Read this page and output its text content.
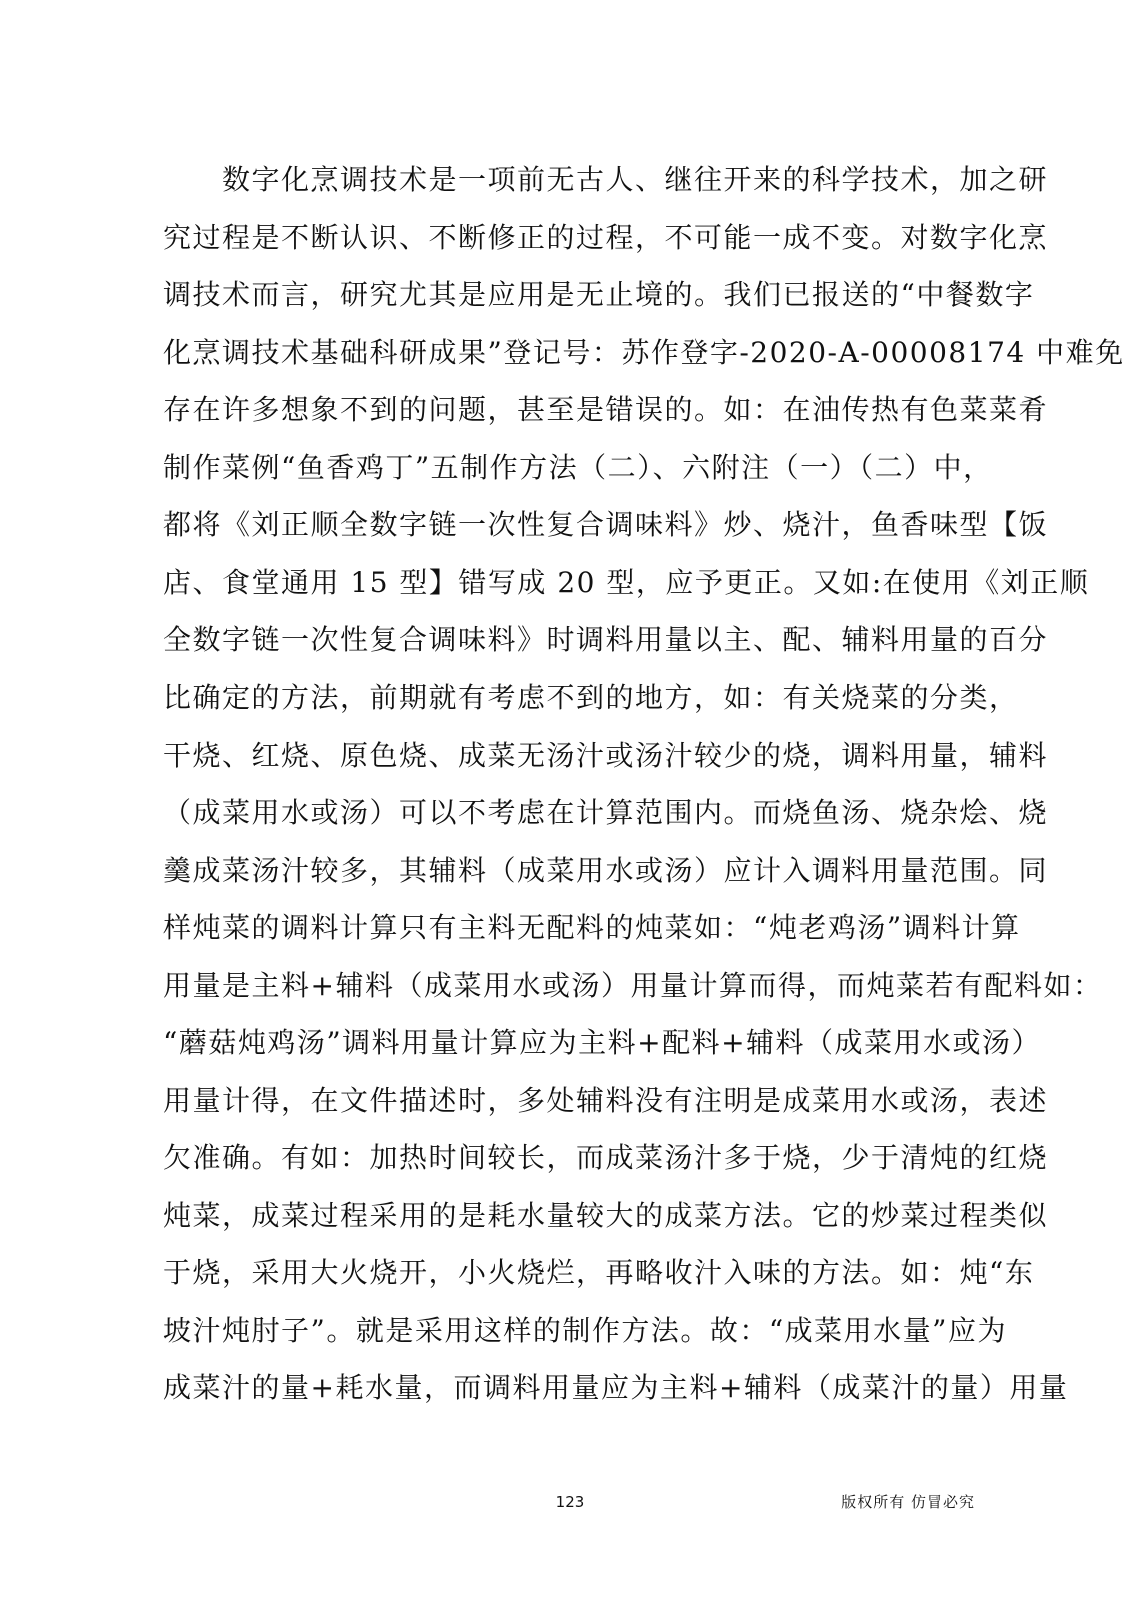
　　数字化烹调技术是一项前无古人、继往开来的科学技术，加之研
究过程是不断认识、不断修正的过程，不可能一成不变。对数字化烹
调技术而言，研究尤其是应用是无止境的。我们已报送的“中餐数字
化烹调技术基础科研成果”登记号：苏作登字-2020-A-00008174 中难免
存在许多想象不到的问题，甚至是错误的。如：在油传热有色菜菜肴
制作菜例“鱼香鸡丁”五制作方法（二）、六附注（一）（二）中，
都将《刘正顺全数字链一次性复合调味料》炒、烧汁，鱼香味型【饭
店、食堂通用 15 型】错写成 20 型，应予更正。又如:在使用《刘正顺
全数字链一次性复合调味料》时调料用量以主、配、辅料用量的百分
比确定的方法，前期就有考虑不到的地方，如：有关烧菜的分类，
干烧、红烧、原色烧、成菜无汤汁或汤汁较少的烧，调料用量，辅料
（成菜用水或汤）可以不考虑在计算范围内。而烧鱼汤、烧杂烩、烧
羹成菜汤汁较多，其辅料（成菜用水或汤）应计入调料用量范围。同
样炖菜的调料计算只有主料无配料的炖菜如：“炖老鸡汤”调料计算
用量是主料+辅料（成菜用水或汤）用量计算而得，而炖菜若有配料如：
“蘑菇炖鸡汤”调料用量计算应为主料+配料+辅料（成菜用水或汤）
用量计得，在文件描述时，多处辅料没有注明是成菜用水或汤，表述
欠准确。有如：加热时间较长，而成菜汤汁多于烧，少于清炖的红烧
炖菜，成菜过程采用的是耗水量较大的成菜方法。它的炒菜过程类似
于烧，采用大火烧开，小火烧烂，再略收汁入味的方法。如：炖“东
坡汁炖肘子”。就是采用这样的制作方法。故：“成菜用水量”应为
成菜汁的量+耗水量，而调料用量应为主料+辅料（成菜汁的量）用量
123	版权所有 仿冒必究
